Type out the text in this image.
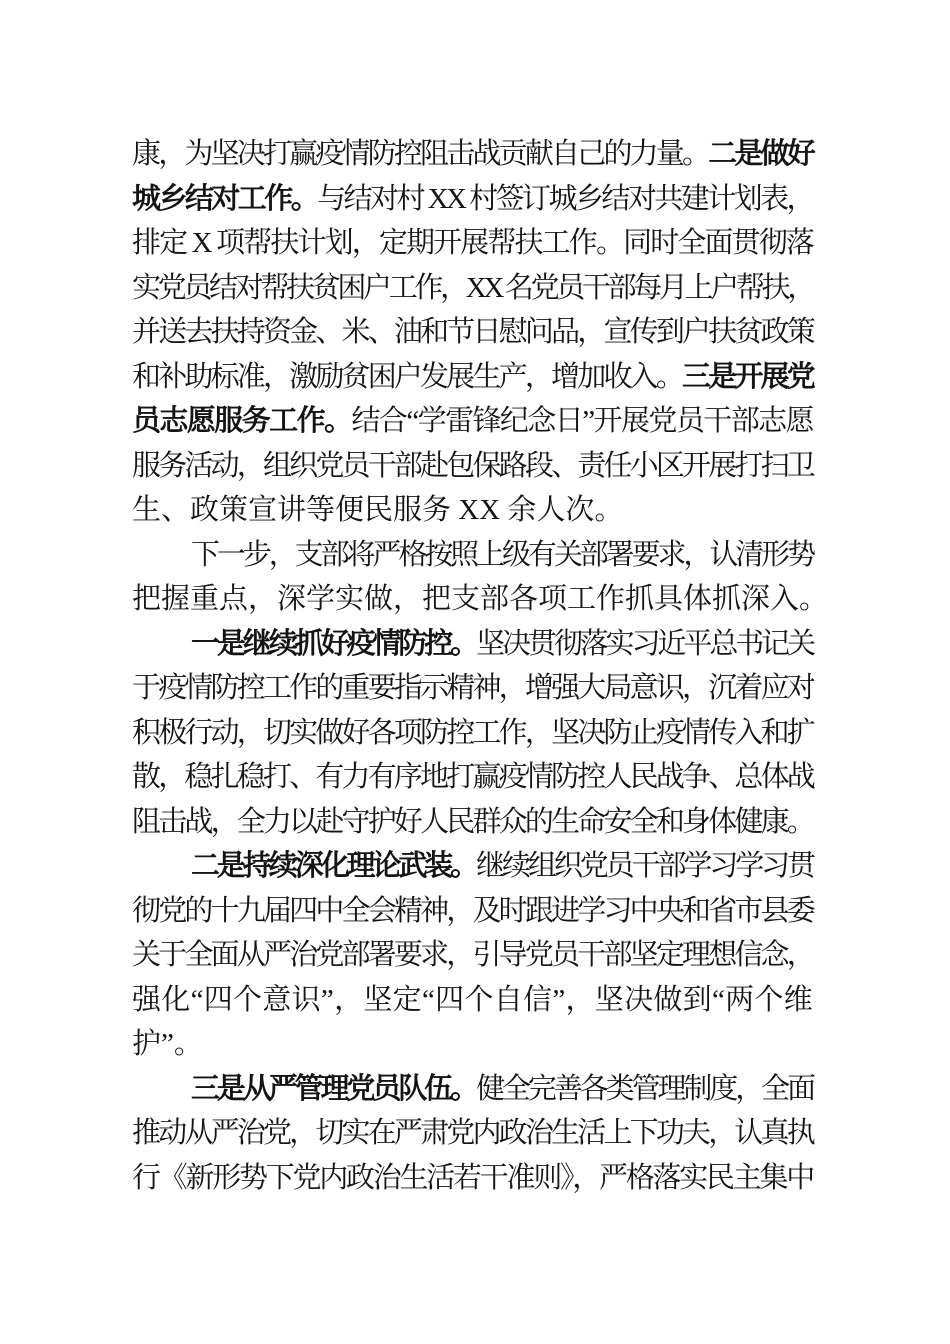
康，为坚决打赢疫情防控阻击战贡献自己的力量。二是做好
城乡结对工作。与结对村 XX 村签订城乡结对共建计划表，
排定 X 项帮扶计划，定期开展帮扶工作。同时全面贯彻落
实党员结对帮扶贫困户工作，XX 名党员干部每月上户帮扶，
并送去扶持资金、米、油和节日慰问品，宣传到户扶贫政策
和补助标准，激励贫困户发展生产，增加收入。三是开展党
员志愿服务工作。结合“学雷锋纪念日”开展党员干部志愿
服务活动，组织党员干部赴包保路段、责任小区开展打扫卫
生、政策宣讲等便民服务 XX 余人次。
下一步，支部将严格按照上级有关部署要求，认清形势
把握重点，深学实做，把支部各项工作抓具体抓深入。
一是继续抓好疫情防控。坚决贯彻落实习近平总书记关
于疫情防控工作的重要指示精神，增强大局意识，沉着应对
积极行动，切实做好各项防控工作，坚决防止疫情传入和扩
散，稳扎稳打、有力有序地打赢疫情防控人民战争、总体战
阻击战，全力以赴守护好人民群众的生命安全和身体健康。
二是持续深化理论武装。继续组织党员干部学习学习贯
彻党的十九届四中全会精神，及时跟进学习中央和省市县委
关于全面从严治党部署要求，引导党员干部坚定理想信念，
强化“四个意识”，坚定“四个自信”，坚决做到“两个维
护”。
三是从严管理党员队伍。健全完善各类管理制度，全面
推动从严治党，切实在严肃党内政治生活上下功夫，认真执
行《新形势下党内政治生活若干准则》，严格落实民主集中
